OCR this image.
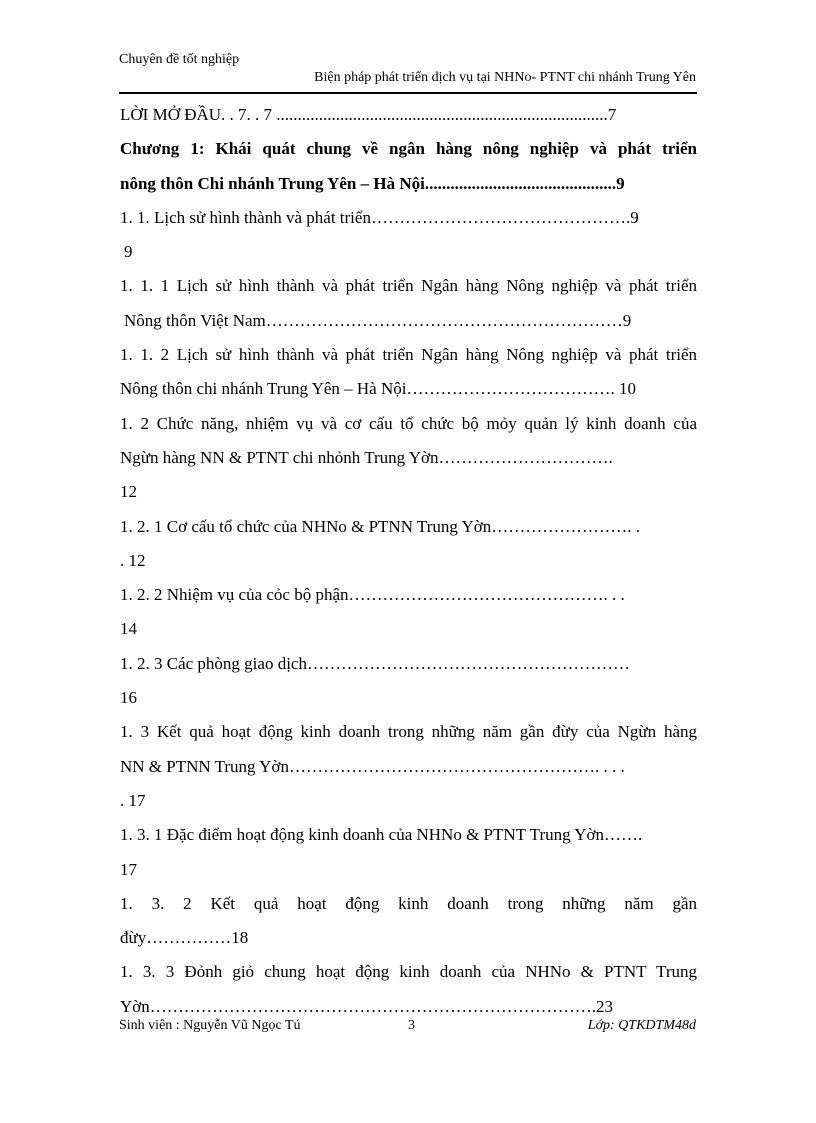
Chuyên đề tốt nghiệp
Biện pháp phát triển dịch vụ tại NHNo- PTNT chi nhánh Trung Yên
LỜI MỞ ĐẦU. . 7. . 7 ..............................................................................7
Chương 1: Khái quát chung về ngân hàng nông nghiệp và phát triển
nông thôn Chi nhánh Trung Yên – Hà Nội.............................................9
1. 1. Lịch sử hình thành và phát triển……………………………………….9
9
1. 1. 1 Lịch sử hình thành và phát triển Ngân hàng Nông nghiệp và phát triển
Nông thôn Việt Nam………………………………………………………9
1. 1. 2 Lịch sử hình thành và phát triển Ngân hàng Nông nghiệp và phát triển
Nông thôn chi nhánh Trung Yên – Hà Nội………………………………. 10
1. 2 Chức năng, nhiệm vụ và cơ cấu tổ chức bộ mỏy quản lý kinh doanh của
Ngừn hàng NN & PTNT chi nhỏnh Trung Yờn………………………….
12
1. 2. 1 Cơ cấu tổ chức của NHNo & PTNN Trung Yờn……………………. .
. 12
1. 2. 2 Nhiệm vụ của cỏc bộ phận………………………………………. . .
14
1. 2. 3 Các phòng giao dịch…………………………………………………
16
1. 3 Kết quả hoạt động kinh doanh trong những năm gần đừy của Ngừn hàng
NN & PTNN Trung Yờn………………………………………………. . . .
. 17
1. 3. 1 Đặc điểm hoạt động kinh doanh của NHNo & PTNT Trung Yờn…….
17
1. 3. 2 Kết quả hoạt động kinh doanh trong những năm gần
đừy……………18
1. 3. 3 Đỏnh giỏ chung hoạt động kinh doanh của NHNo & PTNT Trung
Yờn…………………………………………………………………….23
Sinh viên : Nguyễn Vũ Ngọc Tú	3	Lớp: QTKDTM48d
